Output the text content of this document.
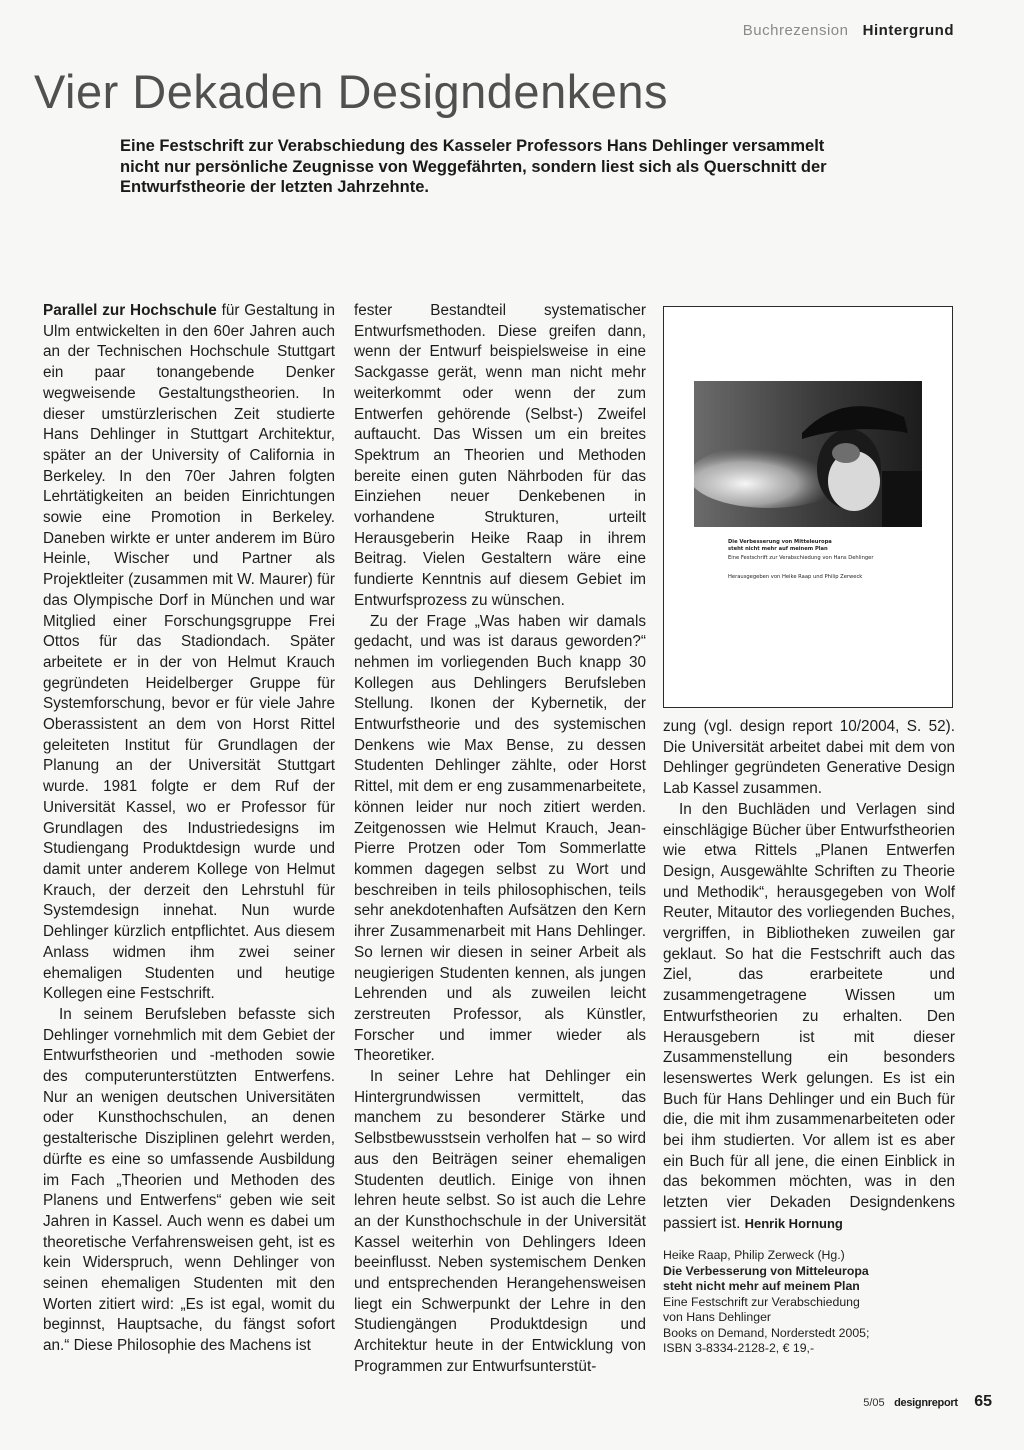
Buchrezension Hintergrund
Vier Dekaden Designdenkens

Eine Festschrift zur Verabschiedung des Kasseler Professors Hans Dehlinger versammelt nicht nur persönliche Zeugnisse von Weggefährten, sondern liest sich als Querschnitt der Entwurfstheorie der letzten Jahrzehnte.

Parallel zur Hochschule für Gestaltung in Ulm entwickelten in den 60er Jahren auch an der Technischen Hochschule Stuttgart ein paar tonangebende Denker wegweisende Gestaltungstheorien. In dieser umstürzlerischen Zeit studierte Hans Dehlinger in Stuttgart Architektur, später an der University of California in Berkeley. In den 70er Jahren folgten Lehrtätigkeiten an beiden Einrichtungen sowie eine Promotion in Berkeley. Daneben wirkte er unter anderem im Büro Heinle, Wischer und Partner als Projektleiter (zusammen mit W. Maurer) für das Olympische Dorf in München und war Mitglied einer Forschungsgruppe Frei Ottos für das Stadiondach. Später arbeitete er in der von Helmut Krauch gegründeten Heidelberger Gruppe für Systemforschung, bevor er für viele Jahre Oberassistent an dem von Horst Rittel geleiteten Institut für Grundlagen der Planung an der Universität Stuttgart wurde. 1981 folgte er dem Ruf der Universität Kassel, wo er Professor für Grundlagen des Industriedesigns im Studiengang Produktdesign wurde und damit unter anderem Kollege von Helmut Krauch, der derzeit den Lehrstuhl für Systemdesign innehat. Nun wurde Dehlinger kürzlich entpflichtet. Aus diesem Anlass widmen ihm zwei seiner ehemaligen Studenten und heutige Kollegen eine Festschrift.

In seinem Berufsleben befasste sich Dehlinger vornehmlich mit dem Gebiet der Entwurfstheorien und -methoden sowie des computerunterstützten Entwerfens. Nur an wenigen deutschen Universitäten oder Kunsthochschulen, an denen gestalterische Disziplinen gelehrt werden, dürfte es eine so umfassende Ausbildung im Fach „Theorien und Methoden des Planens und Entwerfens“ geben wie seit Jahren in Kassel. Auch wenn es dabei um theoretische Verfahrensweisen geht, ist es kein Widerspruch, wenn Dehlinger von seinen ehemaligen Studenten mit den Worten zitiert wird: „Es ist egal, womit du beginnst, Hauptsache, du fängst sofort an.“ Diese Philosophie des Machens ist

fester Bestandteil systematischer Entwurfsmethoden. Diese greifen dann, wenn der Entwurf beispielsweise in eine Sackgasse gerät, wenn man nicht mehr weiterkommt oder wenn der zum Entwerfen gehörende (Selbst-) Zweifel auftaucht. Das Wissen um ein breites Spektrum an Theorien und Methoden bereite einen guten Nährboden für das Einziehen neuer Denkebenen in vorhandene Strukturen, urteilt Herausgeberin Heike Raap in ihrem Beitrag. Vielen Gestaltern wäre eine fundierte Kenntnis auf diesem Gebiet im Entwurfsprozess zu wünschen.

Zu der Frage „Was haben wir damals gedacht, und was ist daraus geworden?“ nehmen im vorliegenden Buch knapp 30 Kollegen aus Dehlingers Berufsleben Stellung. Ikonen der Kybernetik, der Entwurfstheorie und des systemischen Denkens wie Max Bense, zu dessen Studenten Dehlinger zählte, oder Horst Rittel, mit dem er eng zusammenarbeitete, können leider nur noch zitiert werden. Zeitgenossen wie Helmut Krauch, Jean-Pierre Protzen oder Tom Sommerlatte kommen dagegen selbst zu Wort und beschreiben in teils philosophischen, teils sehr anekdotenhaften Aufsätzen den Kern ihrer Zusammenarbeit mit Hans Dehlinger. So lernen wir diesen in seiner Arbeit als neugierigen Studenten kennen, als jungen Lehrenden und als zuweilen leicht zerstreuten Professor, als Künstler, Forscher und immer wieder als Theoretiker.

In seiner Lehre hat Dehlinger ein Hintergrundwissen vermittelt, das manchem zu besonderer Stärke und Selbstbewusstsein verholfen hat – so wird aus den Beiträgen seiner ehemaligen Studenten deutlich. Einige von ihnen lehren heute selbst. So ist auch die Lehre an der Kunsthochschule in der Universität Kassel weiterhin von Dehlingers Ideen beeinflusst. Neben systemischem Denken und entsprechenden Herangehensweisen liegt ein Schwerpunkt der Lehre in den Studiengängen Produktdesign und Architektur heute in der Entwicklung von Programmen zur Entwurfsunterstüt-

Die Verbesserung von Mitteleuropa
steht nicht mehr auf meinem Plan
Eine Festschrift zur Verabschiedung von Hans Dehlinger
Herausgegeben von Heike Raap und Philip Zerweck

zung (vgl. design report 10/2004, S. 52). Die Universität arbeitet dabei mit dem von Dehlinger gegründeten Generative Design Lab Kassel zusammen.

In den Buchläden und Verlagen sind einschlägige Bücher über Entwurfstheorien wie etwa Rittels „Planen Entwerfen Design, Ausgewählte Schriften zu Theorie und Methodik“, herausgegeben von Wolf Reuter, Mitautor des vorliegenden Buches, vergriffen, in Bibliotheken zuweilen gar geklaut. So hat die Festschrift auch das Ziel, das erarbeitete und zusammengetragene Wissen um Entwurfstheorien zu erhalten. Den Herausgebern ist mit dieser Zusammenstellung ein besonders lesenswertes Werk gelungen. Es ist ein Buch für Hans Dehlinger und ein Buch für die, die mit ihm zusammenarbeiteten oder bei ihm studierten. Vor allem ist es aber ein Buch für all jene, die einen Einblick in das bekommen möchten, was in den letzten vier Dekaden Designdenkens passiert ist. Henrik Hornung

Heike Raap, Philip Zerweck (Hg.)
Die Verbesserung von Mitteleuropa
steht nicht mehr auf meinem Plan
Eine Festschrift zur Verabschiedung
von Hans Dehlinger
Books on Demand, Norderstedt 2005;
ISBN 3-8334-2128-2, € 19,-
5/05 designreport 65
